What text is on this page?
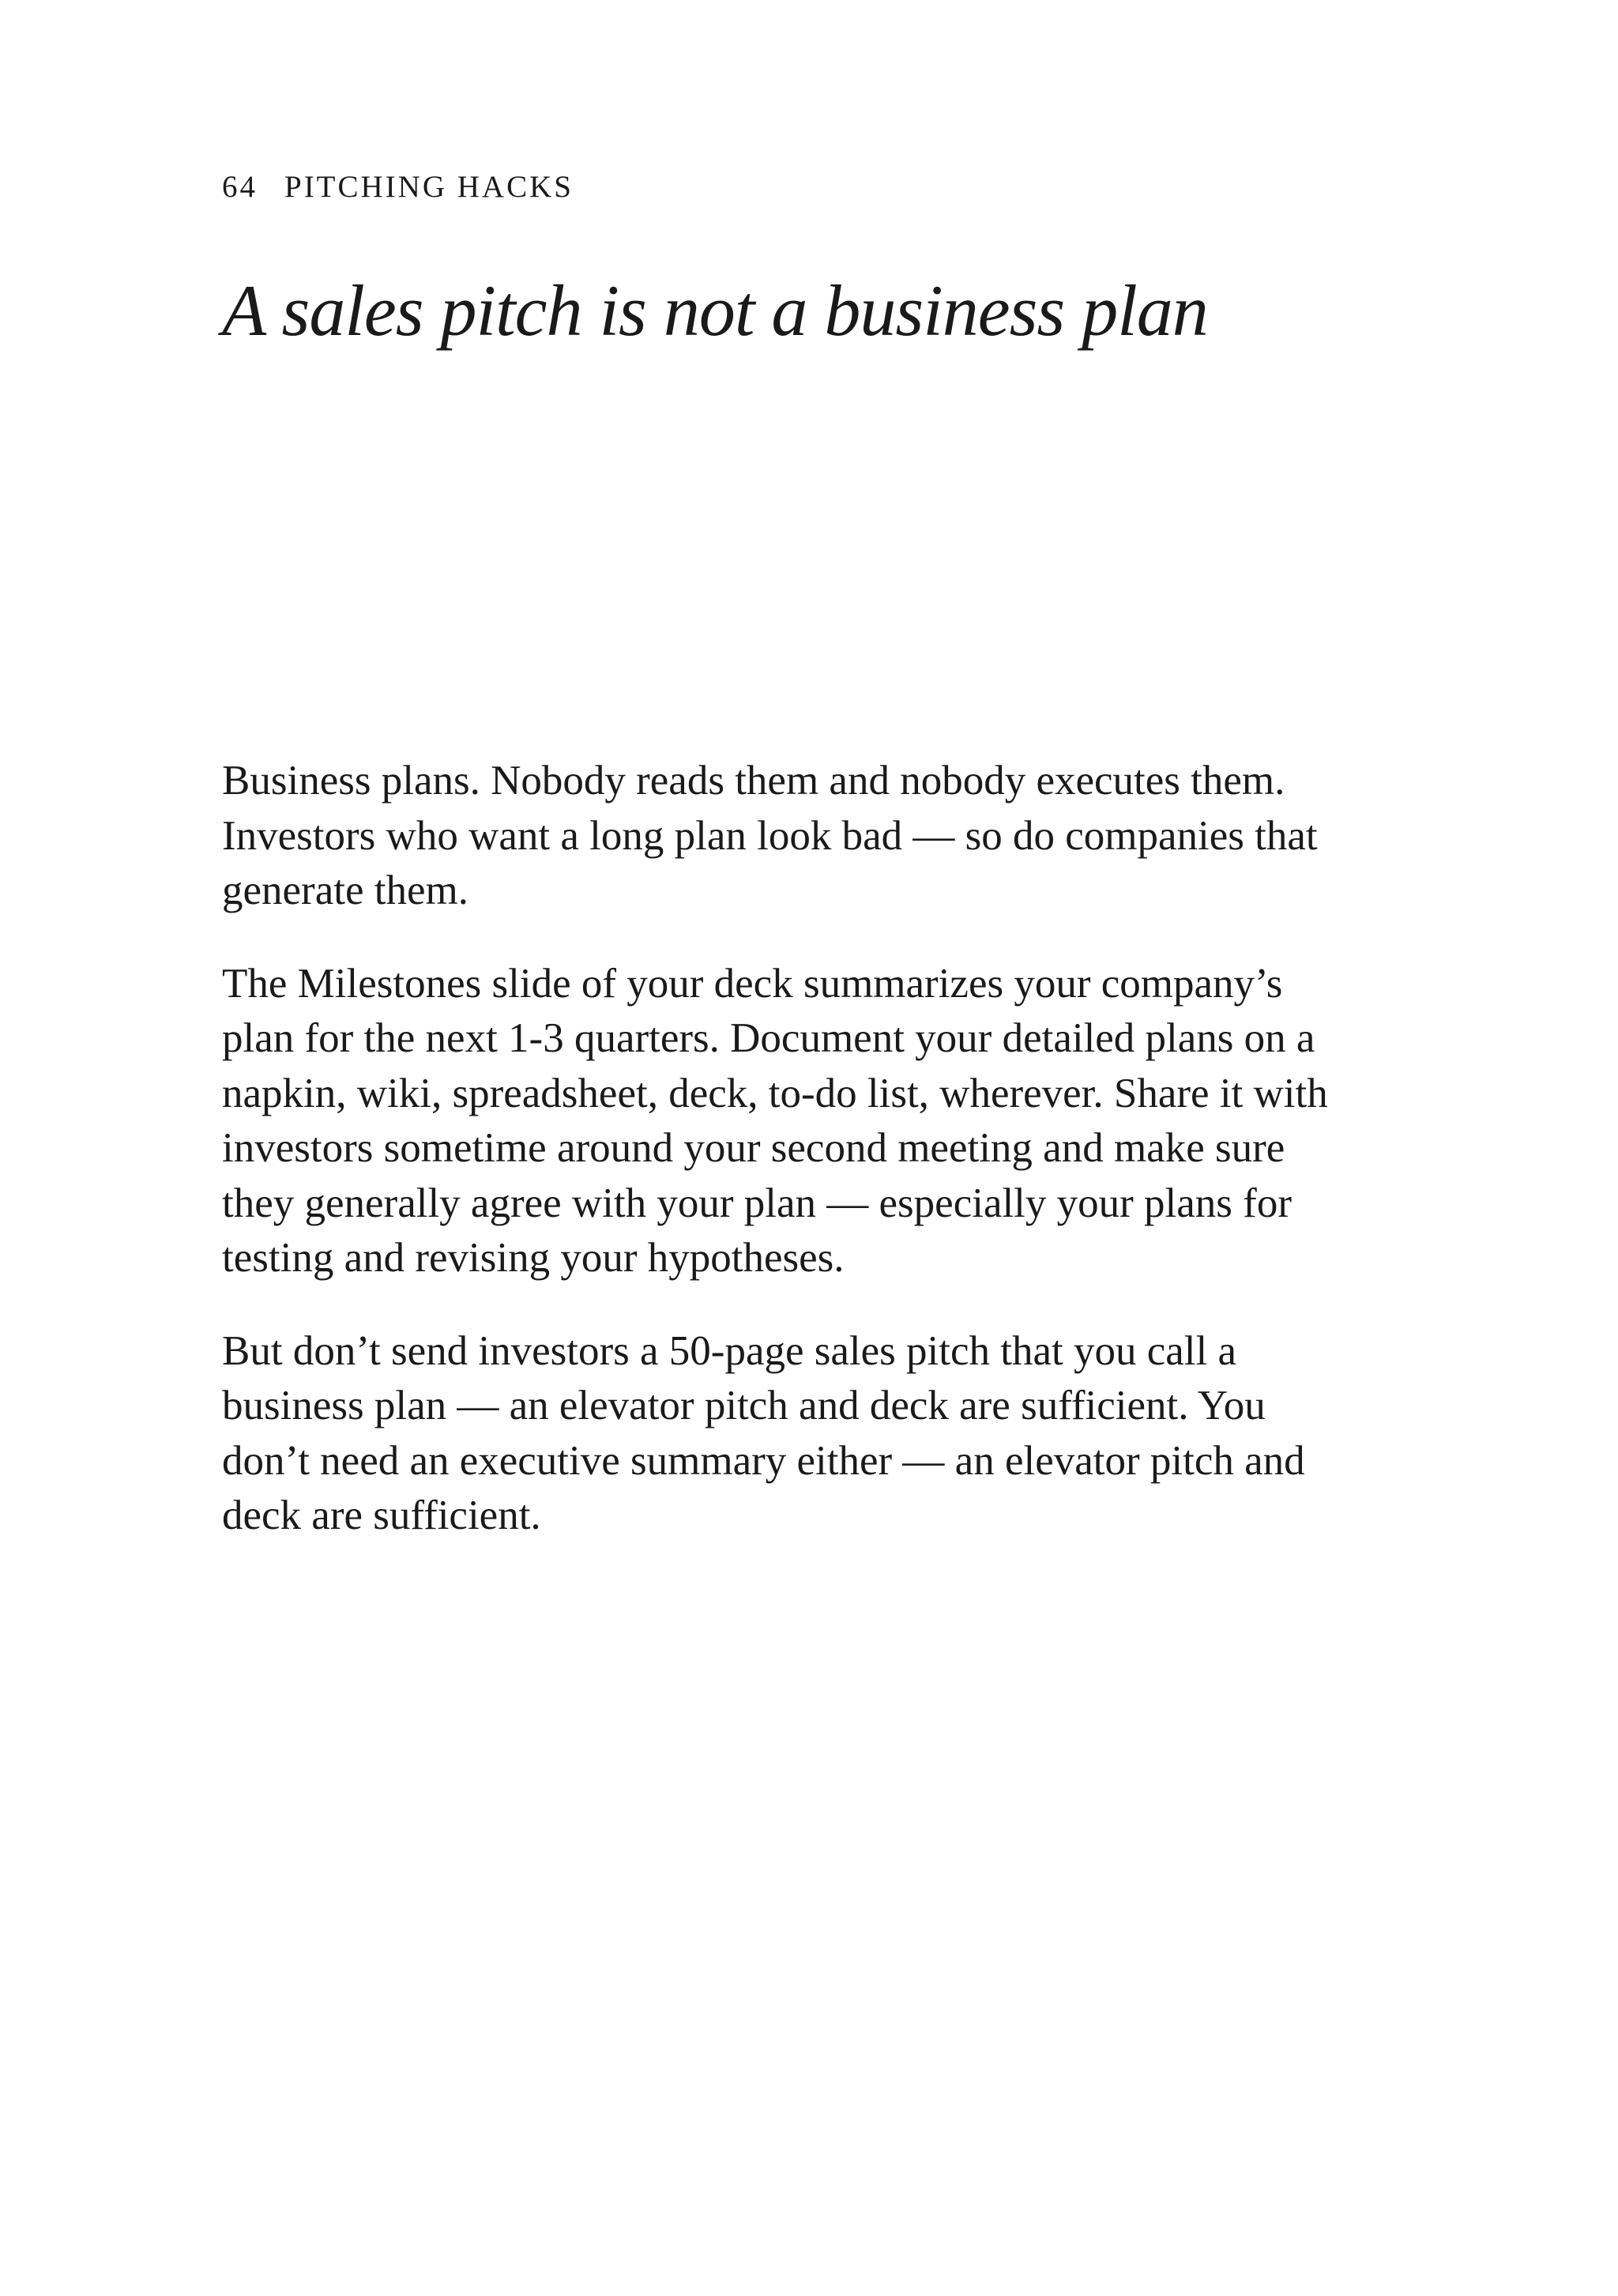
64 PITCHING HACKS
A sales pitch is not a business plan

Business plans. Nobody reads them and nobody executes them.
Investors who want a long plan look bad — so do companies that
generate them.

The Milestones slide of your deck summarizes your company’s
plan for the next 1-3 quarters. Document your detailed plans on a
napkin, wiki, spreadsheet, deck, to-do list, wherever. Share it with
investors sometime around your second meeting and make sure
they generally agree with your plan — especially your plans for
testing and revising your hypotheses.

But don’t send investors a 50-page sales pitch that you call a
business plan — an elevator pitch and deck are sufficient. You
don’t need an executive summary either — an elevator pitch and
deck are sufficient.
